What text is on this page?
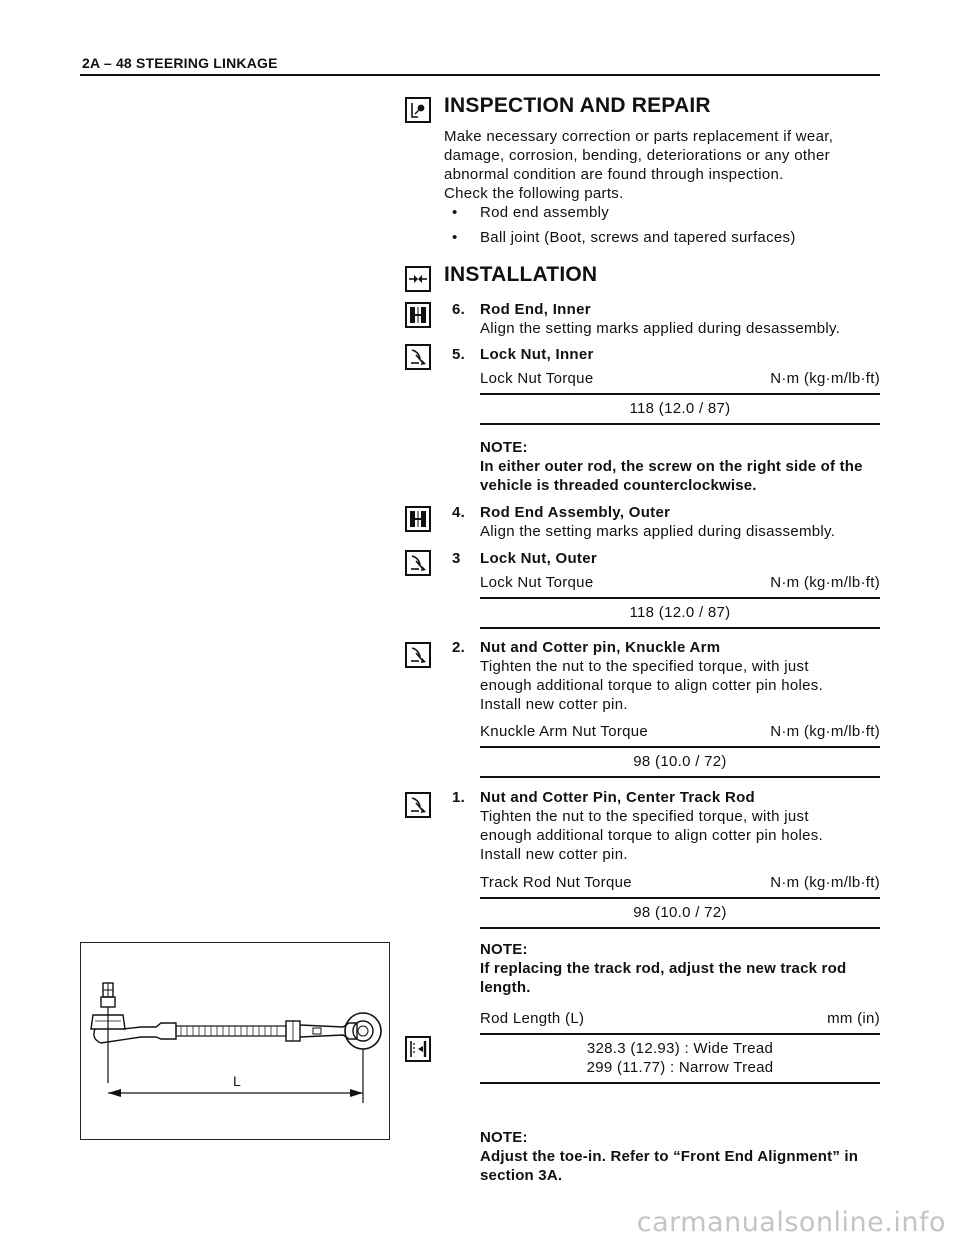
2A – 48 STEERING LINKAGE
INSPECTION AND REPAIR
Make necessary correction or parts replacement if wear,
damage, corrosion, bending, deteriorations or any other
abnormal condition are found through inspection.
Check the following parts.
• Rod end assembly
• Ball joint (Boot, screws and tapered surfaces)
INSTALLATION
6. Rod End, Inner
Align the setting marks applied during desassembly.
5. Lock Nut, Inner
Lock Nut Torque	N·m (kg·m/lb·ft)
118 (12.0 / 87)
NOTE:
In either outer rod, the screw on the right side of the
vehicle is threaded counterclockwise.
4. Rod End Assembly, Outer
Align the setting marks applied during disassembly.
3 Lock Nut, Outer
Lock Nut Torque	N·m (kg·m/lb·ft)
118 (12.0 / 87)
2. Nut and Cotter pin, Knuckle Arm
Tighten the nut to the specified torque, with just
enough additional torque to align cotter pin holes.
Install new cotter pin.
Knuckle Arm Nut Torque	N·m (kg·m/lb·ft)
98 (10.0 / 72)
1. Nut and Cotter Pin, Center Track Rod
Tighten the nut to the specified torque, with just
enough additional torque to align cotter pin holes.
Install new cotter pin.
Track Rod Nut Torque	N·m (kg·m/lb·ft)
98 (10.0 / 72)
NOTE:
If replacing the track rod, adjust the new track rod
length.
Rod Length (L)	mm (in)
328.3 (12.93) : Wide Tread
299 (11.77) : Narrow Tread
NOTE:
Adjust the toe-in. Refer to “Front End Alignment” in
section 3A.
L
carmanualsonline.info
